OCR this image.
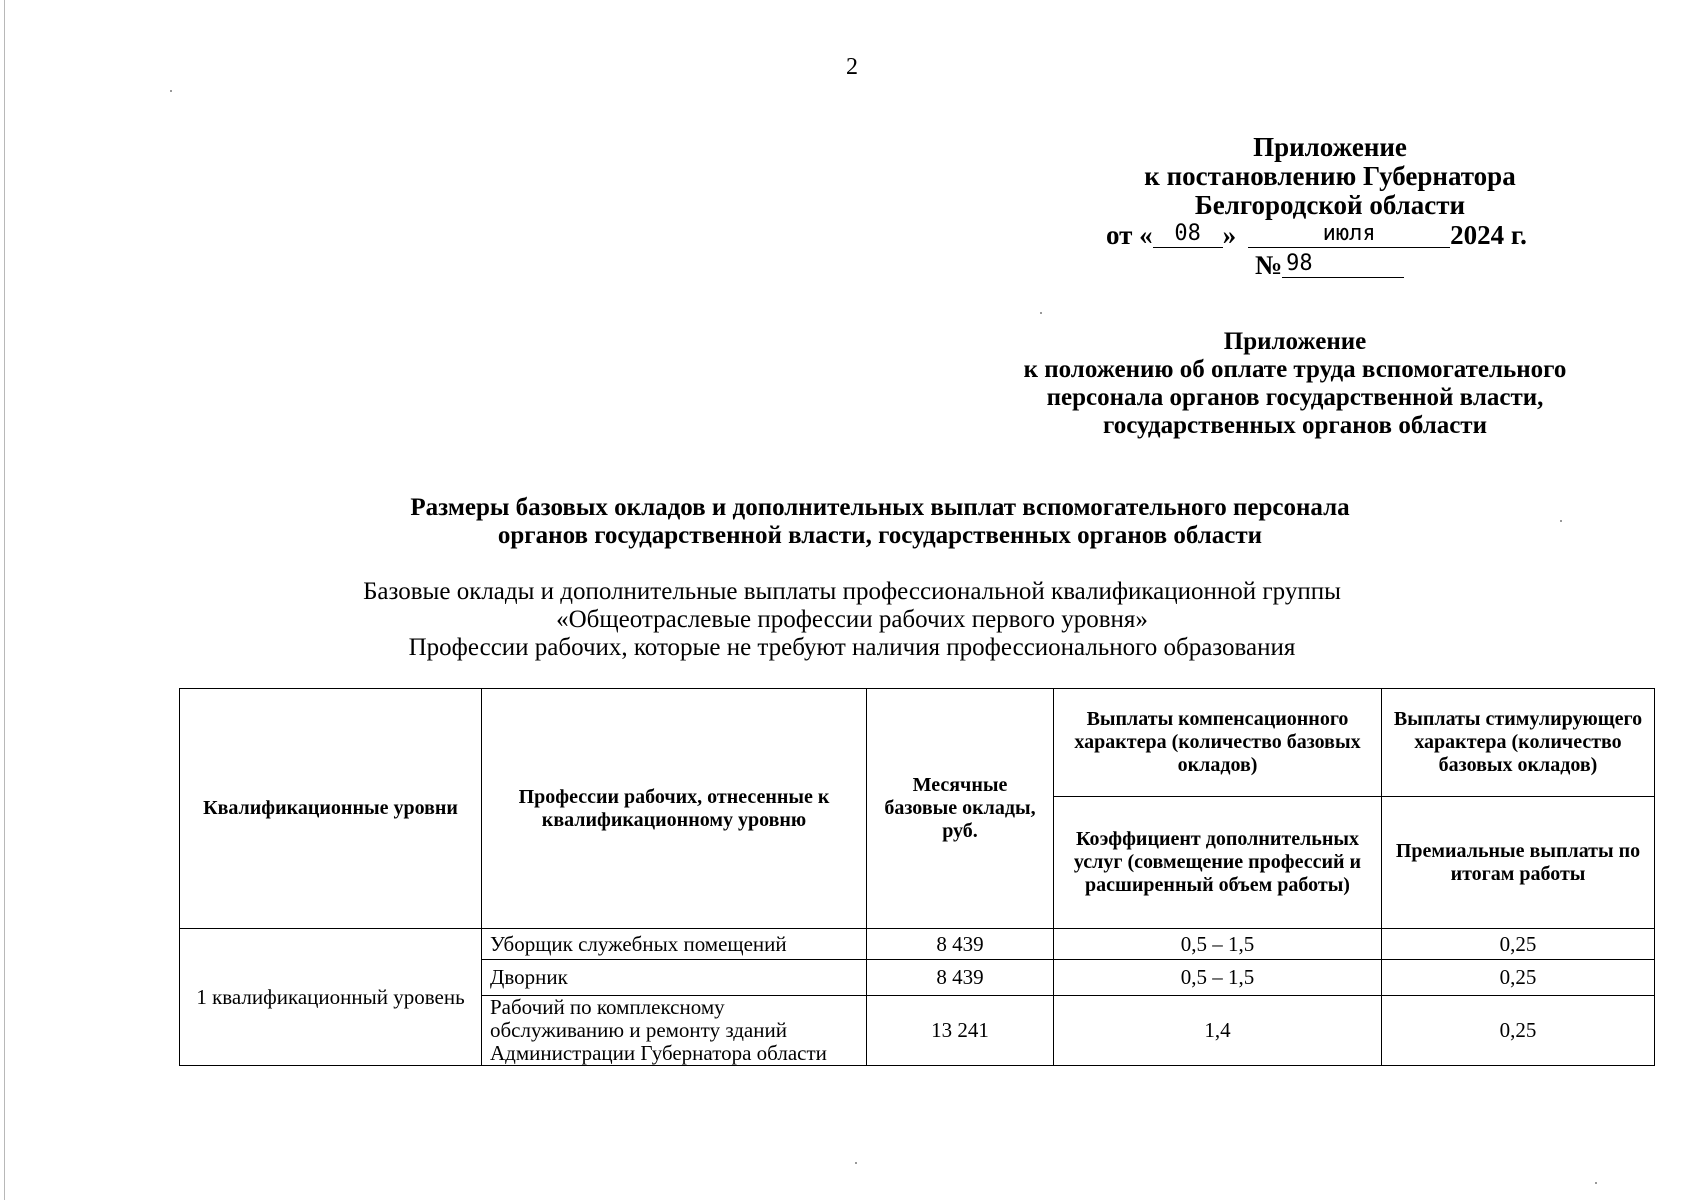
2
Приложение
к постановлению Губернатора
Белгородской области
от « 08 »	июля	2024 г.
№ 98
Приложение
к положению об оплате труда вспомогательного
персонала органов государственной власти,
государственных органов области
Размеры базовых окладов и дополнительных выплат вспомогательного персонала
органов государственной власти, государственных органов области
Базовые оклады и дополнительные выплаты профессиональной квалификационной группы
«Общеотраслевые профессии рабочих первого уровня»
Профессии рабочих, которые не требуют наличия профессионального образования
Квалификационные уровни	Профессии рабочих, отнесенные к квалификационному уровню	Месячные базовые оклады, руб.	Выплаты компенсационного характера (количество базовых окладов)	Выплаты стимулирующего характера (количество базовых окладов)
			Коэффициент дополнительных услуг (совмещение профессий и расширенный объем работы)	Премиальные выплаты по итогам работы
1 квалификационный уровень	Уборщик служебных помещений	8 439	0,5 – 1,5	0,25
	Дворник	8 439	0,5 – 1,5	0,25
	Рабочий по комплексному обслуживанию и ремонту зданий Администрации Губернатора области	13 241	1,4	0,25
